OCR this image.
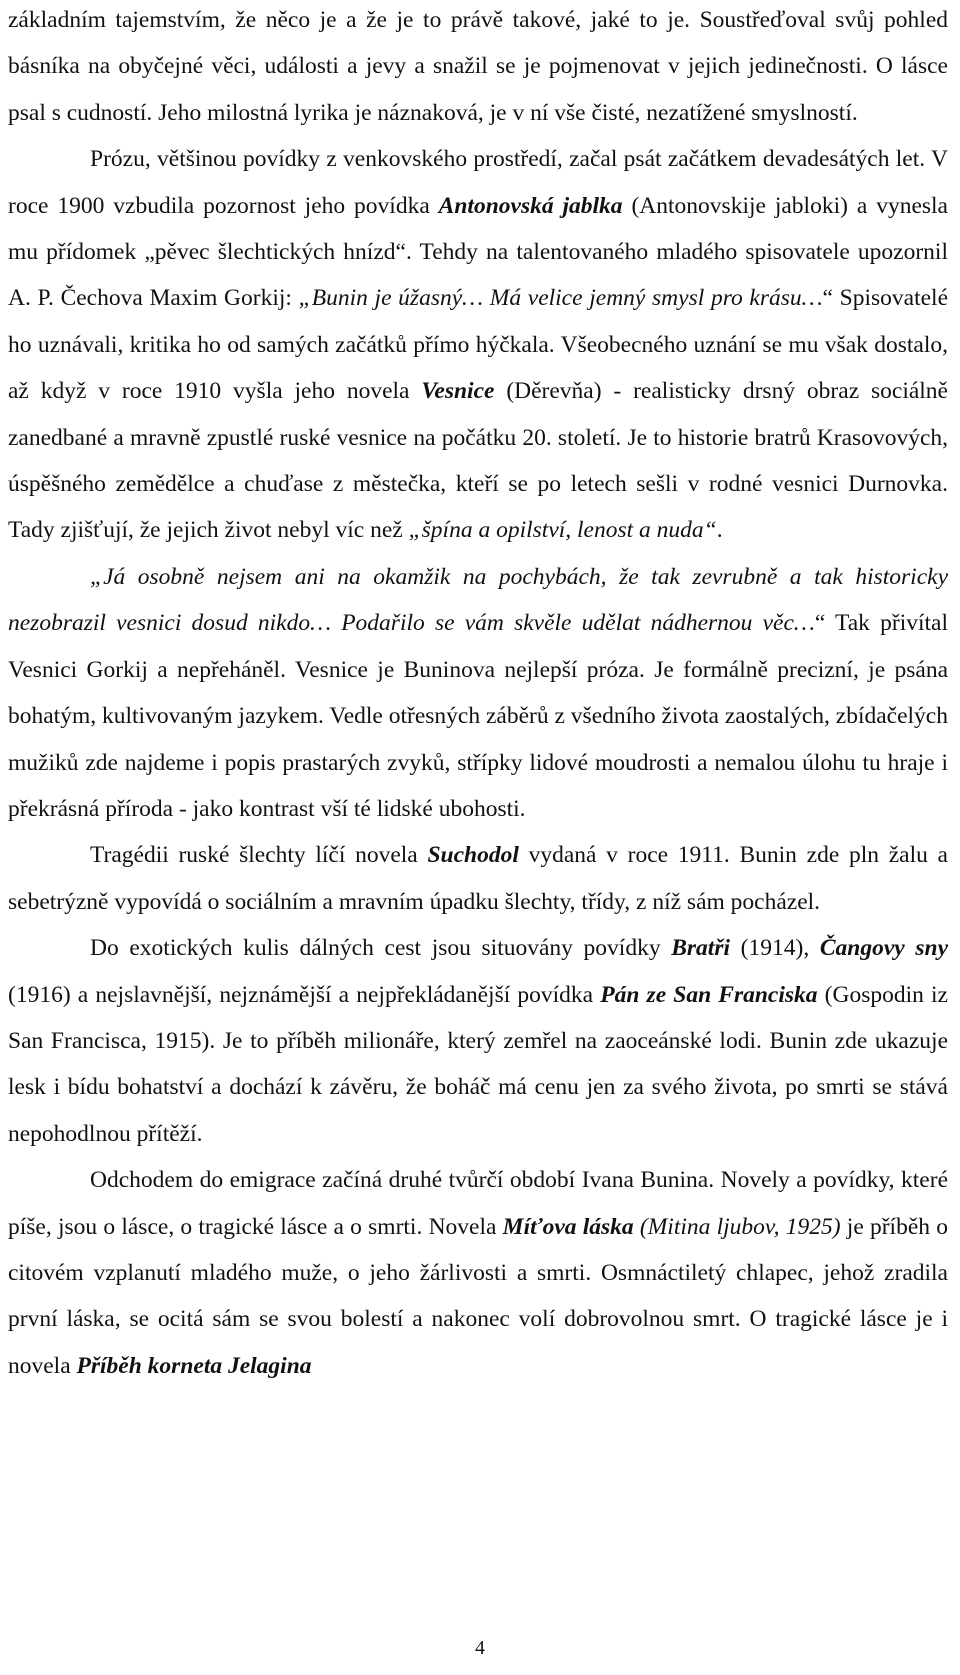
základním tajemstvím, že něco je a že je to právě takové, jaké to je. Soustřeďoval svůj pohled básníka na obyčejné věci, události a jevy a snažil se je pojmenovat v jejich jedinečnosti. O lásce psal s cudností. Jeho milostná lyrika je náznaková, je v ní vše čisté, nezatížené smyslností.

Prózu, většinou povídky z venkovského prostředí, začal psát začátkem devadesátých let. V roce 1900 vzbudila pozornost jeho povídka Antonovská jablka (Antonovskije jabloki) a vynesla mu přídomek „pěvec šlechtických hnízd“. Tehdy na talentovaného mladého spisovatele upozornil A. P. Čechova Maxim Gorkij: „Bunin je úžasný… Má velice jemný smysl pro krásu…“ Spisovatelé ho uznávali, kritika ho od samých začátků přímo hýčkala. Všeobecného uznání se mu však dostalo, až když v roce 1910 vyšla jeho novela Vesnice (Děrevňa) - realisticky drsný obraz sociálně zanedbané a mravně zpustlé ruské vesnice na počátku 20. století. Je to historie bratrů Krasovových, úspěšného zemědělce a chuďase z městečka, kteří se po letech sešli v rodné vesnici Durnovka. Tady zjišťují, že jejich život nebyl víc než „špína a opilství, lenost a nuda“.

„Já osobně nejsem ani na okamžik na pochybách, že tak zevrubně a tak historicky nezobrazil vesnici dosud nikdo… Podařilo se vám skvěle udělat nádhernou věc…“ Tak přivítal Vesnici Gorkij a nepřeháněl. Vesnice je Buninova nejlepší próza. Je formálně precizní, je psána bohatým, kultivovaným jazykem. Vedle otřesných záběrů z všedního života zaostalých, zbídačelých mužiků zde najdeme i popis prastarých zvyků, střípky lidové moudrosti a nemalou úlohu tu hraje i překrásná příroda - jako kontrast vší té lidské ubohosti.

Tragédii ruské šlechty líčí novela Suchodol vydaná v roce 1911. Bunin zde pln žalu a sebetrýzně vypovídá o sociálním a mravním úpadku šlechty, třídy, z níž sám pocházel.

Do exotických kulis dálných cest jsou situovány povídky Bratři (1914), Čangovy sny (1916) a nejslavnější, nejznámější a nejpřekládanější povídka Pán ze San Franciska (Gospodin iz San Francisca, 1915). Je to příběh milionáře, který zemřel na zaoceánské lodi. Bunin zde ukazuje lesk i bídu bohatství a dochází k závěru, že boháč má cenu jen za svého života, po smrti se stává nepohodlnou přítěží.

Odchodem do emigrace začíná druhé tvůrčí období Ivana Bunina. Novely a povídky, které píše, jsou o lásce, o tragické lásce a o smrti. Novela Míťova láska (Mitina ljubov, 1925) je příběh o citovém vzplanutí mladého muže, o jeho žárlivosti a smrti. Osmnáctiletý chlapec, jehož zradila první láska, se ocitá sám se svou bolestí a nakonec volí dobrovolnou smrt. O tragické lásce je i novela Příběh korneta Jelagina

4
